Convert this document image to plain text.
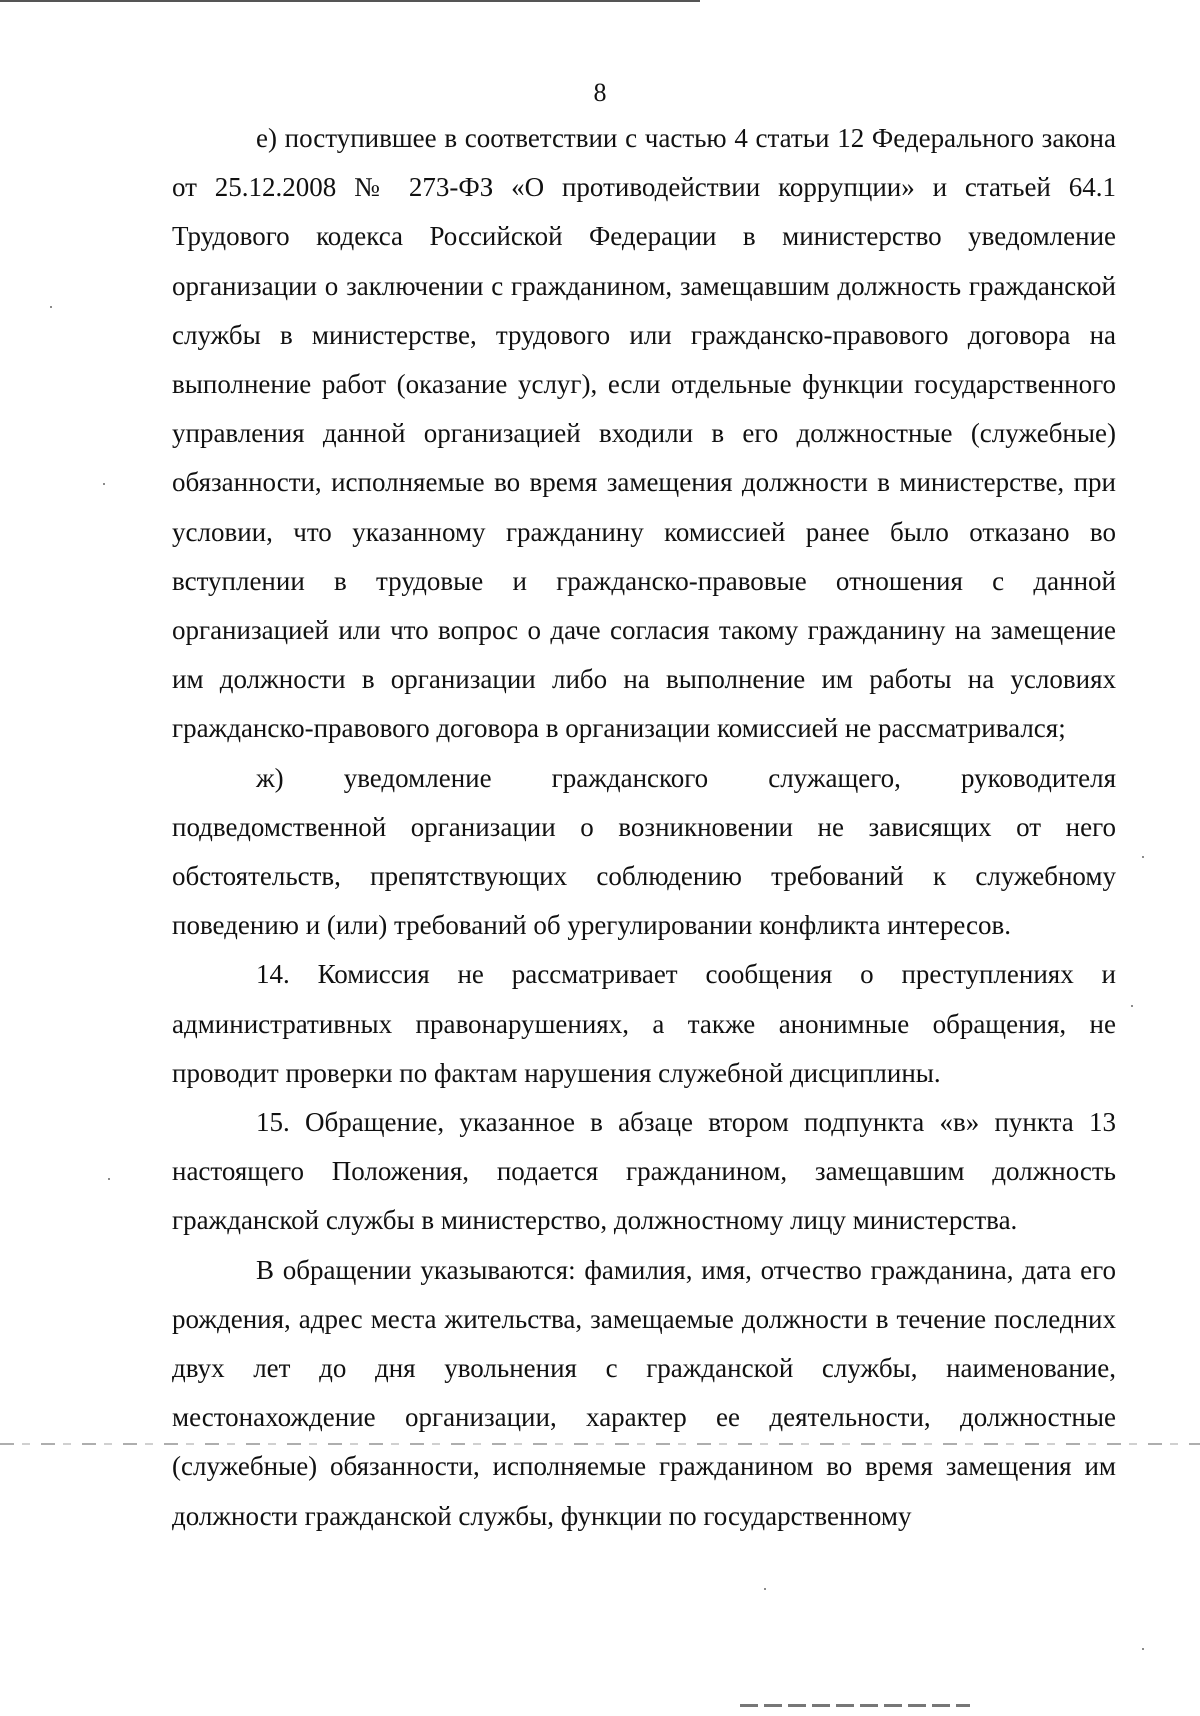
8

е) поступившее в соответствии с частью 4 статьи 12 Федерального закона от 25.12.2008 № 273-ФЗ «О противодействии коррупции» и статьей 64.1 Трудового кодекса Российской Федерации в министерство уведомление организации о заключении с гражданином, замещавшим должность гражданской службы в министерстве, трудового или гражданско-правового договора на выполнение работ (оказание услуг), если отдельные функции государственного управления данной организацией входили в его должностные (служебные) обязанности, исполняемые во время замещения должности в министерстве, при условии, что указанному гражданину комиссией ранее было отказано во вступлении в трудовые и гражданско-правовые отношения с данной организацией или что вопрос о даче согласия такому гражданину на замещение им должности в организации либо на выполнение им работы на условиях гражданско-правового договора в организации комиссией не рассматривался;

ж) уведомление гражданского служащего, руководителя подведомственной организации о возникновении не зависящих от него обстоятельств, препятствующих соблюдению требований к служебному поведению и (или) требований об урегулировании конфликта интересов.

14. Комиссия не рассматривает сообщения о преступлениях и административных правонарушениях, а также анонимные обращения, не проводит проверки по фактам нарушения служебной дисциплины.

15. Обращение, указанное в абзаце втором подпункта «в» пункта 13 настоящего Положения, подается гражданином, замещавшим должность гражданской службы в министерство, должностному лицу министерства.

В обращении указываются: фамилия, имя, отчество гражданина, дата его рождения, адрес места жительства, замещаемые должности в течение последних двух лет до дня увольнения с гражданской службы, наименование, местонахождение организации, характер ее деятельности, должностные (служебные) обязанности, исполняемые гражданином во время замещения им должности гражданской службы, функции по государственному
